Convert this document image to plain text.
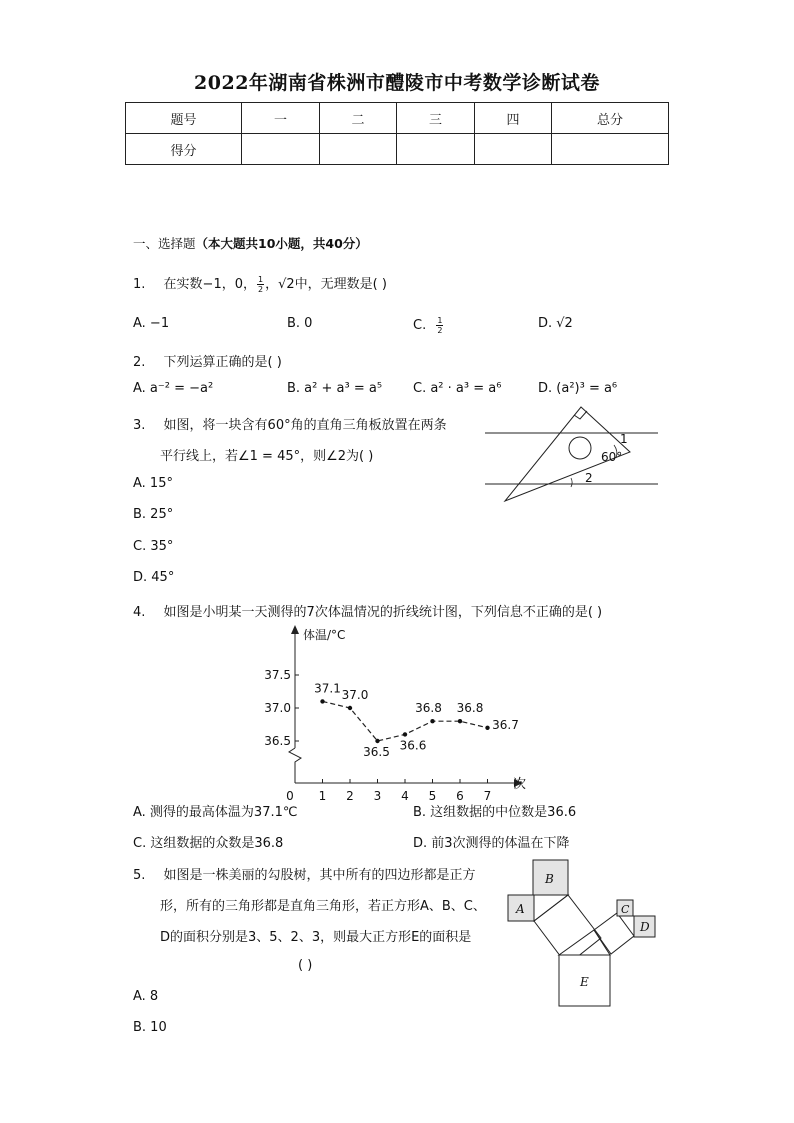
2022年湖南省株洲市醴陵市中考数学诊断试卷
题号	一	二	三	四	总分
得分					
一、选择题（本大题共10小题，共40分）
1. 在实数−1，0， $\frac{1}{2}$ ，√2中，无理数是( )
A. −1	B. 0	C. $\frac{1}{2}$	D. √2
2. 下列运算正确的是( )
A. a⁻² = −a²	B. a² + a³ = a⁵ C. a² · a³ = a⁶	D. (a²)³ = a⁶
3. 如图，将一块含有60°角的直角三角板放置在两条
平行线上，若∠1 = 45°，则∠2为( )
A. 15°
B. 25°
C. 35°
D. 45°
60°
1
2
4. 如图是小明某一天测得的7次体温情况的折线统计图，下列信息不正确的是( )
体温/°C
次
36.5
37.0
37.5
0 1 2 3 4 5 6 7
37.1 37.0
36.5 36.6
36.8 36.8
36.7
A. 测得的最高体温为37.1℃	B. 这组数据的中位数是36.6
C. 这组数据的众数是36.8	D. 前3次测得的体温在下降
5. 如图是一株美丽的勾股树，其中所有的四边形都是正方
形，所有的三角形都是直角三角形，若正方形A、B、C、
D的面积分别是3、5、2、3，则最大正方形E的面积是
( )
A. 8
B. 10
B
A	C
D
E
